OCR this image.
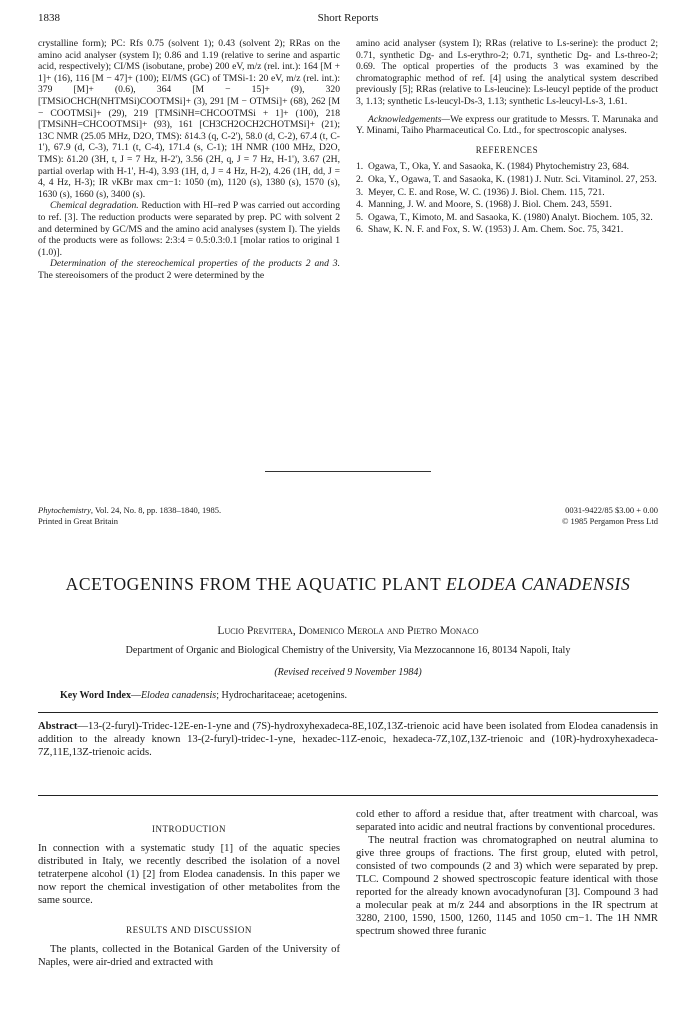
1838	Short Reports

crystalline form); PC: Rfs 0.75 (solvent 1); 0.43 (solvent 2); RRas on the amino acid analyser (system I); 0.86 and 1.19 (relative to serine and aspartic acid, respectively); CI/MS (isobutane, probe) 200 eV, m/z (rel. int.): 164 [M + 1]+ (16), 116 [M − 47]+ (100); EI/MS (GC) of TMSi-1: 20 eV, m/z (rel. int.): 379 [M]+ (0.6), 364 [M − 15]+ (9), 320 [TMSiOCHCH(NHTMSi)COOTMSi]+ (3), 291 [M − OTMSi]+ (68), 262 [M − COOTMSi]+ (29), 219 [TMSiNH=CHCOOTMSi + 1]+ (100), 218 [TMSiNH=CHCOOTMSi]+ (93), 161 [CH3CH2OCH2CHOTMSi]+ (21); 13C NMR (25.05 MHz, D2O, TMS): δ14.3 (q, C-2'), 58.0 (d, C-2), 67.4 (t, C-1'), 67.9 (d, C-3), 71.1 (t, C-4), 171.4 (s, C-1); 1H NMR (100 MHz, D2O, TMS): δ1.20 (3H, t, J = 7 Hz, H-2'), 3.56 (2H, q, J = 7 Hz, H-1'), 3.67 (2H, partial overlap with H-1', H-4), 3.93 (1H, d, J = 4 Hz, H-2), 4.26 (1H, dd, J = 4, 4 Hz, H-3); IR νKBr max cm−1: 1050 (m), 1120 (s), 1380 (s), 1570 (s), 1630 (s), 1660 (s), 3400 (s).

Chemical degradation. Reduction with HI–red P was carried out according to ref. [3]. The reduction products were separated by prep. PC with solvent 2 and determined by GC/MS and the amino acid analyses (system I). The yields of the products were as follows: 2:3:4 = 0.5:0.3:0.1 [molar ratios to original 1 (1.0)].

Determination of the stereochemical properties of the products 2 and 3. The stereoisomers of the product 2 were determined by the

amino acid analyser (system I); RRas (relative to Ls-serine): the product 2; 0.71, synthetic Dg- and Ls-erythro-2; 0.71, synthetic Dg- and Ls-threo-2; 0.69. The optical properties of the products 3 was examined by the chromatographic method of ref. [4] using the analytical system described previously [5]; RRas (relative to Ls-leucine): Ls-leucyl peptide of the product 3, 1.13; synthetic Ls-leucyl-Ds-3, 1.13; synthetic Ls-leucyl-Ls-3, 1.61.

Acknowledgements—We express our gratitude to Messrs. T. Marunaka and Y. Minami, Taiho Pharmaceutical Co. Ltd., for spectroscopic analyses.

REFERENCES
1. Ogawa, T., Oka, Y. and Sasaoka, K. (1984) Phytochemistry 23, 684.
2. Oka, Y., Ogawa, T. and Sasaoka, K. (1981) J. Nutr. Sci. Vitaminol. 27, 253.
3. Meyer, C. E. and Rose, W. C. (1936) J. Biol. Chem. 115, 721.
4. Manning, J. W. and Moore, S. (1968) J. Biol. Chem. 243, 5591.
5. Ogawa, T., Kimoto, M. and Sasaoka, K. (1980) Analyt. Biochem. 105, 32.
6. Shaw, K. N. F. and Fox, S. W. (1953) J. Am. Chem. Soc. 75, 3421.
Phytochemistry, Vol. 24, No. 8, pp. 1838–1840, 1985.
Printed in Great Britain
0031-9422/85 $3.00 + 0.00
© 1985 Pergamon Press Ltd
ACETOGENINS FROM THE AQUATIC PLANT ELODEA CANADENSIS
Lucio Previtera, Domenico Merola and Pietro Monaco
Department of Organic and Biological Chemistry of the University, Via Mezzocannone 16, 80134 Napoli, Italy
(Revised received 9 November 1984)
Key Word Index—Elodea canadensis; Hydrocharitaceae; acetogenins.
Abstract—13-(2-furyl)-Tridec-12E-en-1-yne and (7S)-hydroxyhexadeca-8E,10Z,13Z-trienoic acid have been isolated from Elodea canadensis in addition to the already known 13-(2-furyl)-tridec-1-yne, hexadec-11Z-enoic, hexadeca-7Z,10Z,13Z-trienoic and (10R)-hydroxyhexadeca-7Z,11E,13Z-trienoic acids.
INTRODUCTION

In connection with a systematic study [1] of the aquatic species distributed in Italy, we recently described the isolation of a novel tetraterpene alcohol (1) [2] from Elodea canadensis. In this paper we now report the chemical investigation of other metabolites from the same source.

RESULTS AND DISCUSSION

The plants, collected in the Botanical Garden of the University of Naples, were air-dried and extracted with

cold ether to afford a residue that, after treatment with charcoal, was separated into acidic and neutral fractions by conventional procedures.

The neutral fraction was chromatographed on neutral alumina to give three groups of fractions. The first group, eluted with petrol, consisted of two compounds (2 and 3) which were separated by prep. TLC. Compound 2 showed spectroscopic feature identical with those reported for the already known avocadynofuran [3]. Compound 3 had a molecular peak at m/z 244 and absorptions in the IR spectrum at 3280, 2100, 1590, 1500, 1260, 1145 and 1050 cm−1. The 1H NMR spectrum showed three furanic
